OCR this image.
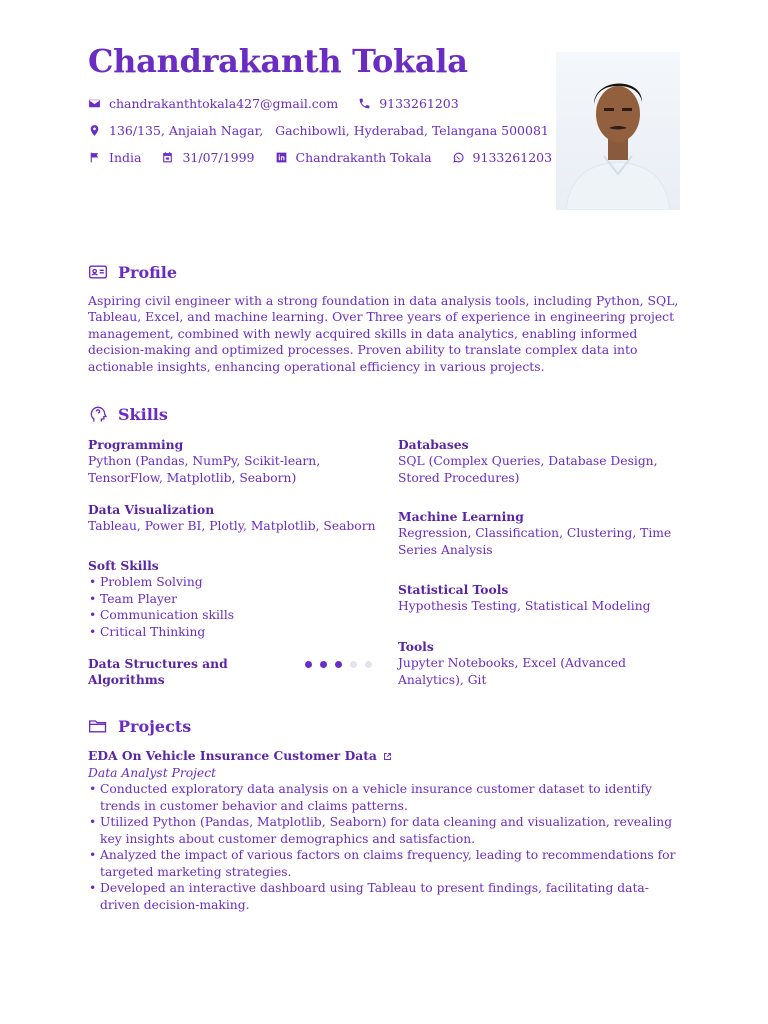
Chandrakanth Tokala
chandrakanthtokala427@gmail.com	9133261203
136/135, Anjaiah Nagar,   Gachibowli, Hyderabad, Telangana 500081
India	31/07/1999	Chandrakanth Tokala	9133261203
Profile

Aspiring civil engineer with a strong foundation in data analysis tools, including Python, SQL, Tableau, Excel, and machine learning. Over Three years of experience in engineering project management, combined with newly acquired skills in data analytics, enabling informed decision-making and optimized processes. Proven ability to translate complex data into actionable insights, enhancing operational efficiency in various projects.

Skills
Programming
Python (Pandas, NumPy, Scikit-learn, TensorFlow, Matplotlib, Seaborn)
Data Visualization
Tableau, Power BI, Plotly, Matplotlib, Seaborn
Soft Skills
• Problem Solving
• Team Player
• Communication skills
• Critical Thinking
Data Structures and Algorithms
Databases
SQL (Complex Queries, Database Design, Stored Procedures)
Machine Learning
Regression, Classification, Clustering, Time Series Analysis
Statistical Tools
Hypothesis Testing, Statistical Modeling
Tools
Jupyter Notebooks, Excel (Advanced Analytics), Git
Projects
EDA On Vehicle Insurance Customer Data
Data Analyst Project
• Conducted exploratory data analysis on a vehicle insurance customer dataset to identify trends in customer behavior and claims patterns.
• Utilized Python (Pandas, Matplotlib, Seaborn) for data cleaning and visualization, revealing key insights about customer demographics and satisfaction.
• Analyzed the impact of various factors on claims frequency, leading to recommendations for targeted marketing strategies.
• Developed an interactive dashboard using Tableau to present findings, facilitating data-driven decision-making.
